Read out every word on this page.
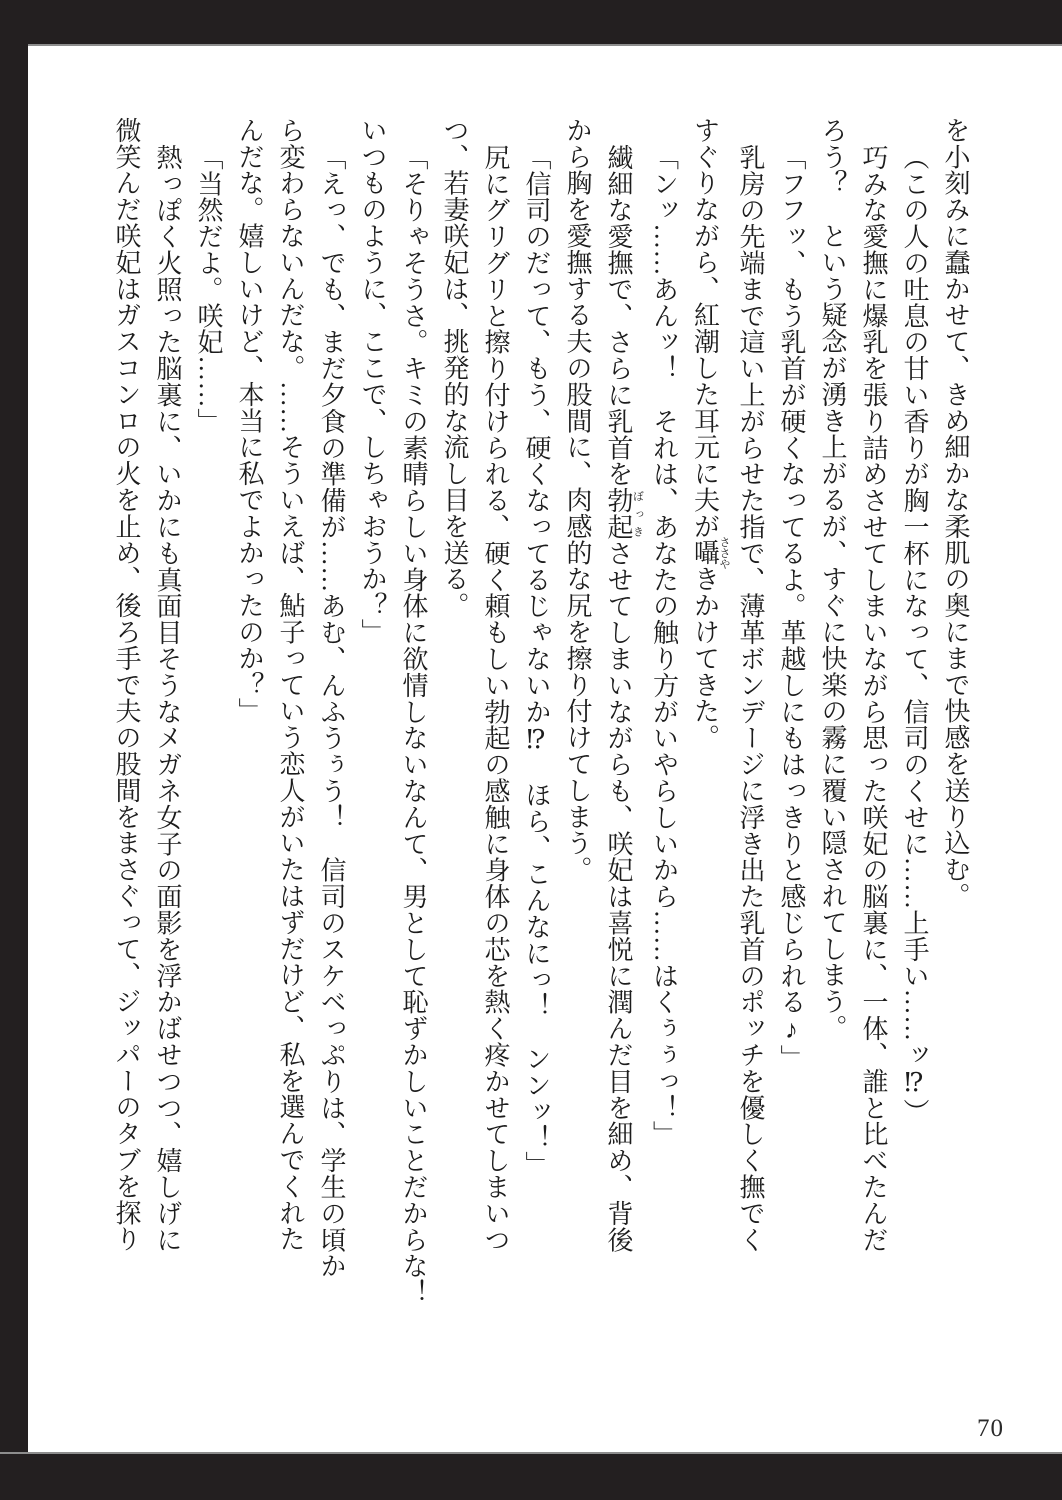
を小刻みに蠢かせて、きめ細かな柔肌の奥にまで快感を送り込む。
（この人の吐息の甘い香りが胸一杯になって、信司のくせに……上手い……ッ⁉）
巧みな愛撫に爆乳を張り詰めさせてしまいながら思った咲妃の脳裏に、一体、誰と比べたんだ
ろう？　という疑念が湧き上がるが、すぐに快楽の霧に覆い隠されてしまう。
「フフッ、もう乳首が硬くなってるよ。革越しにもはっきりと感じられる♪」
乳房の先端まで這い上がらせた指で、薄革ボンデージに浮き出た乳首のポッチを優しく撫でく
すぐりながら、紅潮した耳元に夫が囁ささやきかけてきた。
「ンッ……あんッ！　それは、あなたの触り方がいやらしいから……はくぅぅっ！」
繊細な愛撫で、さらに乳首を勃起ぼっきさせてしまいながらも、咲妃は喜悦に潤んだ目を細め、背後
から胸を愛撫する夫の股間に、肉感的な尻を擦り付けてしまう。
「信司のだって、もう、硬くなってるじゃないか⁉　ほら、こんなにっ！　ンンッ！」
尻にグリグリと擦り付けられる、硬く頼もしい勃起の感触に身体の芯を熱く疼かせてしまいつ
つ、若妻咲妃は、挑発的な流し目を送る。
「そりゃそうさ。キミの素晴らしい身体に欲情しないなんて、男として恥ずかしいことだからな！
いつものように、ここで、しちゃおうか？」
「えっ、でも、まだ夕食の準備が……あむ、んふうぅう！　信司のスケベっぷりは、学生の頃か
ら変わらないんだな。……そういえば、鮎子っていう恋人がいたはずだけど、私を選んでくれた
んだな。嬉しいけど、本当に私でよかったのか？」
「当然だよ。咲妃……」
熱っぽく火照った脳裏に、いかにも真面目そうなメガネ女子の面影を浮かばせつつ、嬉しげに
微笑んだ咲妃はガスコンロの火を止め、後ろ手で夫の股間をまさぐって、ジッパーのタブを探り
70
